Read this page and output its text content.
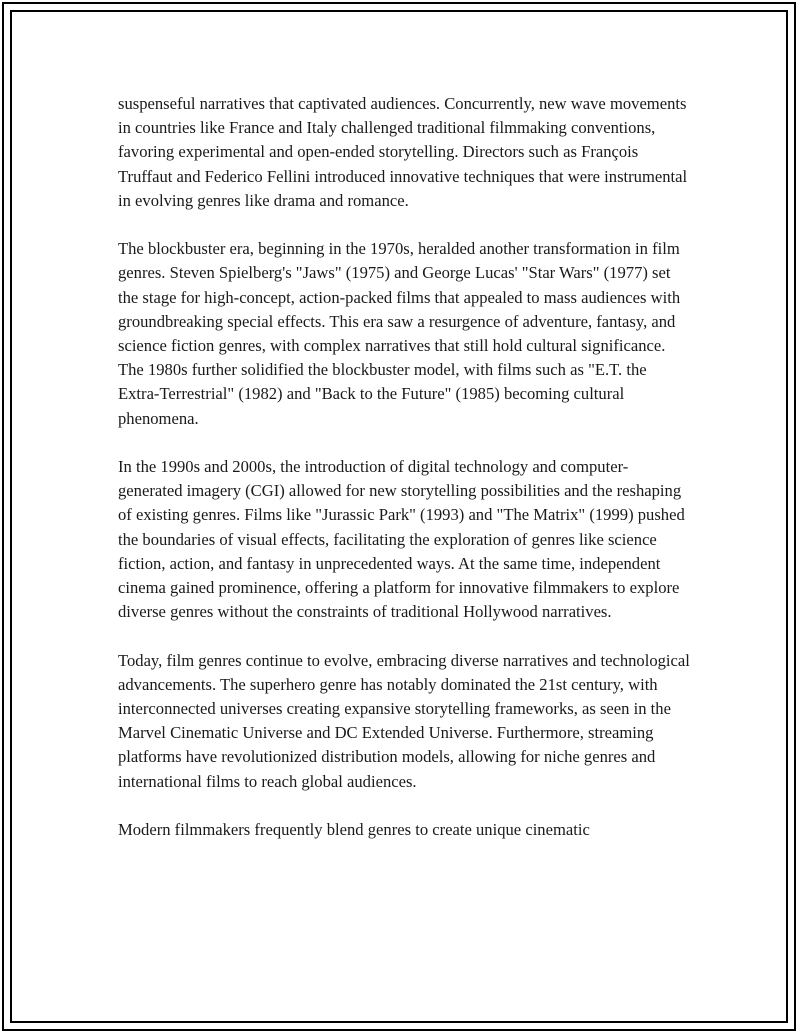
suspenseful narratives that captivated audiences. Concurrently, new wave movements in countries like France and Italy challenged traditional filmmaking conventions, favoring experimental and open-ended storytelling. Directors such as François Truffaut and Federico Fellini introduced innovative techniques that were instrumental in evolving genres like drama and romance.

The blockbuster era, beginning in the 1970s, heralded another transformation in film genres. Steven Spielberg's "Jaws" (1975) and George Lucas' "Star Wars" (1977) set the stage for high-concept, action-packed films that appealed to mass audiences with groundbreaking special effects. This era saw a resurgence of adventure, fantasy, and science fiction genres, with complex narratives that still hold cultural significance. The 1980s further solidified the blockbuster model, with films such as "E.T. the Extra-Terrestrial" (1982) and "Back to the Future" (1985) becoming cultural phenomena.

In the 1990s and 2000s, the introduction of digital technology and computer-generated imagery (CGI) allowed for new storytelling possibilities and the reshaping of existing genres. Films like "Jurassic Park" (1993) and "The Matrix" (1999) pushed the boundaries of visual effects, facilitating the exploration of genres like science fiction, action, and fantasy in unprecedented ways. At the same time, independent cinema gained prominence, offering a platform for innovative filmmakers to explore diverse genres without the constraints of traditional Hollywood narratives.

Today, film genres continue to evolve, embracing diverse narratives and technological advancements. The superhero genre has notably dominated the 21st century, with interconnected universes creating expansive storytelling frameworks, as seen in the Marvel Cinematic Universe and DC Extended Universe. Furthermore, streaming platforms have revolutionized distribution models, allowing for niche genres and international films to reach global audiences.

Modern filmmakers frequently blend genres to create unique cinematic
